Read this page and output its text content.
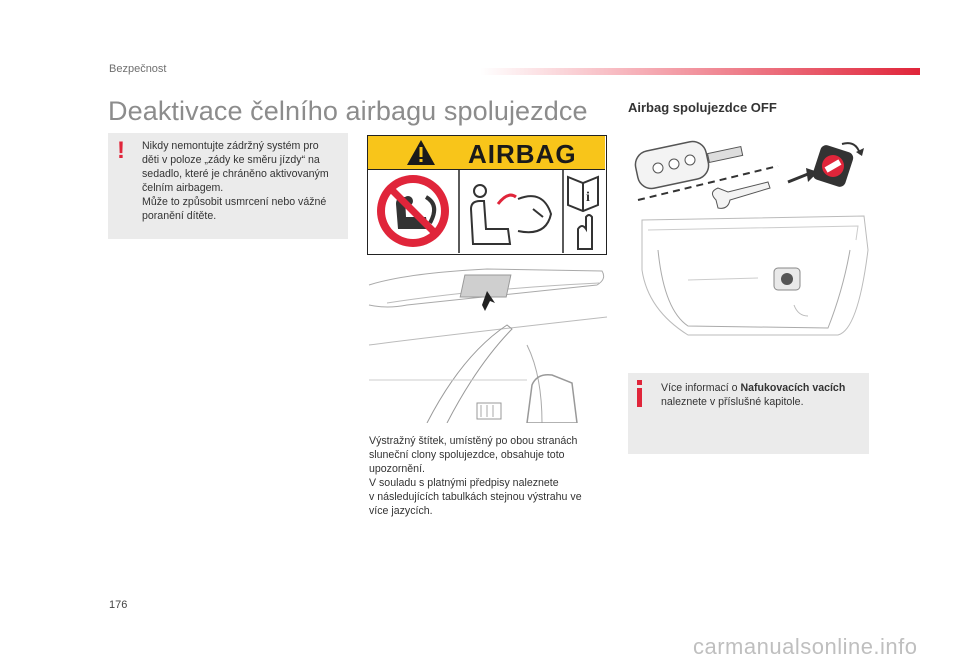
Bezpečnost
Deaktivace čelního airbagu spolujezdce
! Nikdy nemontujte zádržný systém pro
děti v poloze „zády ke směru jízdy“ na
sedadlo, které je chráněno aktivovaným
čelním airbagem.
Může to způsobit usmrcení nebo vážné
poranění dítěte.
AIRBAG
i
Výstražný štítek, umístěný po obou stranách
sluneční clony spolujezdce, obsahuje toto
upozornění.
V souladu s platnými předpisy naleznete
v následujících tabulkách stejnou výstrahu ve
více jazycích.
Airbag spolujezdce OFF
Více informací o Nafukovacích vacích
naleznete v příslušné kapitole.
176
carmanualsonline.info
